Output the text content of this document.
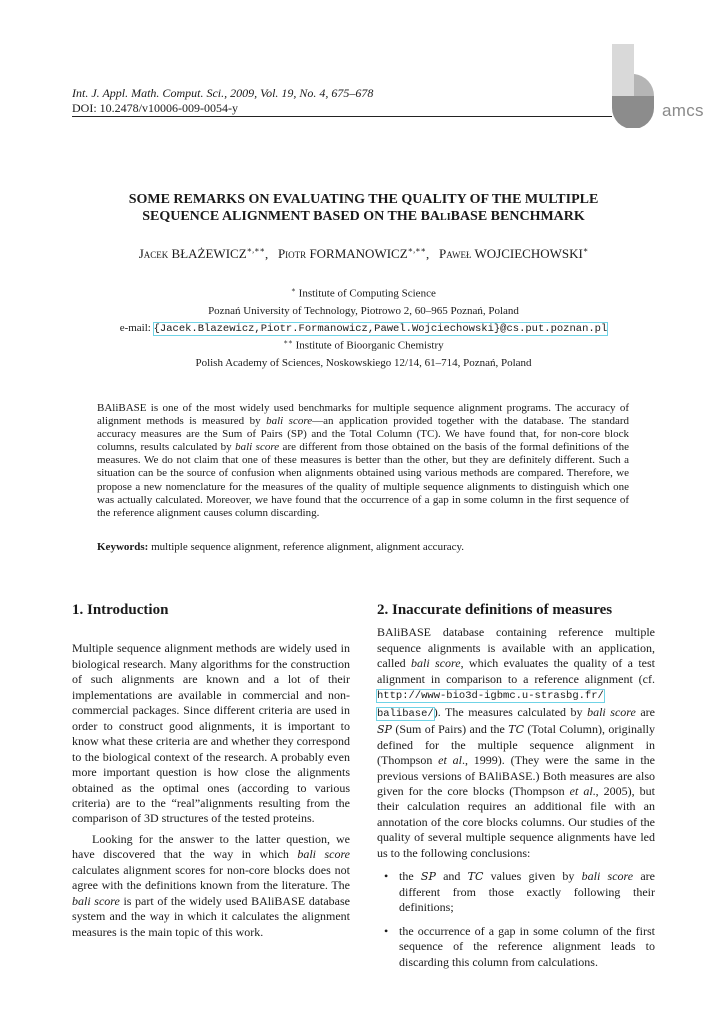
Int. J. Appl. Math. Comput. Sci., 2009, Vol. 19, No. 4, 675–678
DOI: 10.2478/v10006-009-0054-y	amcs
SOME REMARKS ON EVALUATING THE QUALITY OF THE MULTIPLE
SEQUENCE ALIGNMENT BASED ON THE BAliBASE BENCHMARK
Jacek BŁAŻEWICZ∗,∗∗,   Piotr FORMANOWICZ∗,∗∗,   Paweł WOJCIECHOWSKI∗
∗ Institute of Computing Science
Poznań University of Technology, Piotrowo 2, 60–965 Poznań, Poland
e-mail: {Jacek.Blazewicz,Piotr.Formanowicz,Pawel.Wojciechowski}@cs.put.poznan.pl
∗∗ Institute of Bioorganic Chemistry
Polish Academy of Sciences, Noskowskiego 12/14, 61–714, Poznań, Poland
BAliBASE is one of the most widely used benchmarks for multiple sequence alignment programs. The accuracy of alignment methods is measured by bali score—an application provided together with the database. The standard accuracy measures are the Sum of Pairs (SP) and the Total Column (TC). We have found that, for non-core block columns, results calculated by bali score are different from those obtained on the basis of the formal definitions of the measures. We do not claim that one of these measures is better than the other, but they are definitely different. Such a situation can be the source of confusion when alignments obtained using various methods are compared. Therefore, we propose a new nomenclature for the measures of the quality of multiple sequence alignments to distinguish which one was actually calculated. Moreover, we have found that the occurrence of a gap in some column in the first sequence of the reference alignment causes column discarding.
Keywords: multiple sequence alignment, reference alignment, alignment accuracy.
1. Introduction

Multiple sequence alignment methods are widely used in biological research. Many algorithms for the construction of such alignments are known and a lot of their implementations are available in commercial and non-commercial packages. Since different criteria are used in order to construct good alignments, it is important to know what these criteria are and whether they correspond to the biological context of the research. A probably even more important question is how close the alignments obtained as the optimal ones (according to various criteria) are to the “real”alignments resulting from the comparison of 3D structures of the tested proteins.

Looking for the answer to the latter question, we have discovered that the way in which bali score calculates alignment scores for non-core blocks does not agree with the definitions known from the literature. The bali score is part of the widely used BAliBASE database system and the way in which it calculates the alignment measures is the main topic of this work.

2. Inaccurate definitions of measures

BAliBASE database containing reference multiple sequence alignments is available with an application, called bali score, which evaluates the quality of a test alignment in comparison to a reference alignment (cf. http://www-bio3d-igbmc.u-strasbg.fr/ balibase/). The measures calculated by bali score are SP (Sum of Pairs) and the TC (Total Column), originally defined for the multiple sequence alignment in (Thompson et al., 1999). (They were the same in the previous versions of BAliBASE.) Both measures are also given for the core blocks (Thompson et al., 2005), but their calculation requires an additional file with an annotation of the core blocks columns. Our studies of the quality of several multiple sequence alignments have led us to the following conclusions:

• the SP and TC values given by bali score are different from those exactly following their definitions;
• the occurrence of a gap in some column of the first sequence of the reference alignment leads to discarding this column from calculations.
